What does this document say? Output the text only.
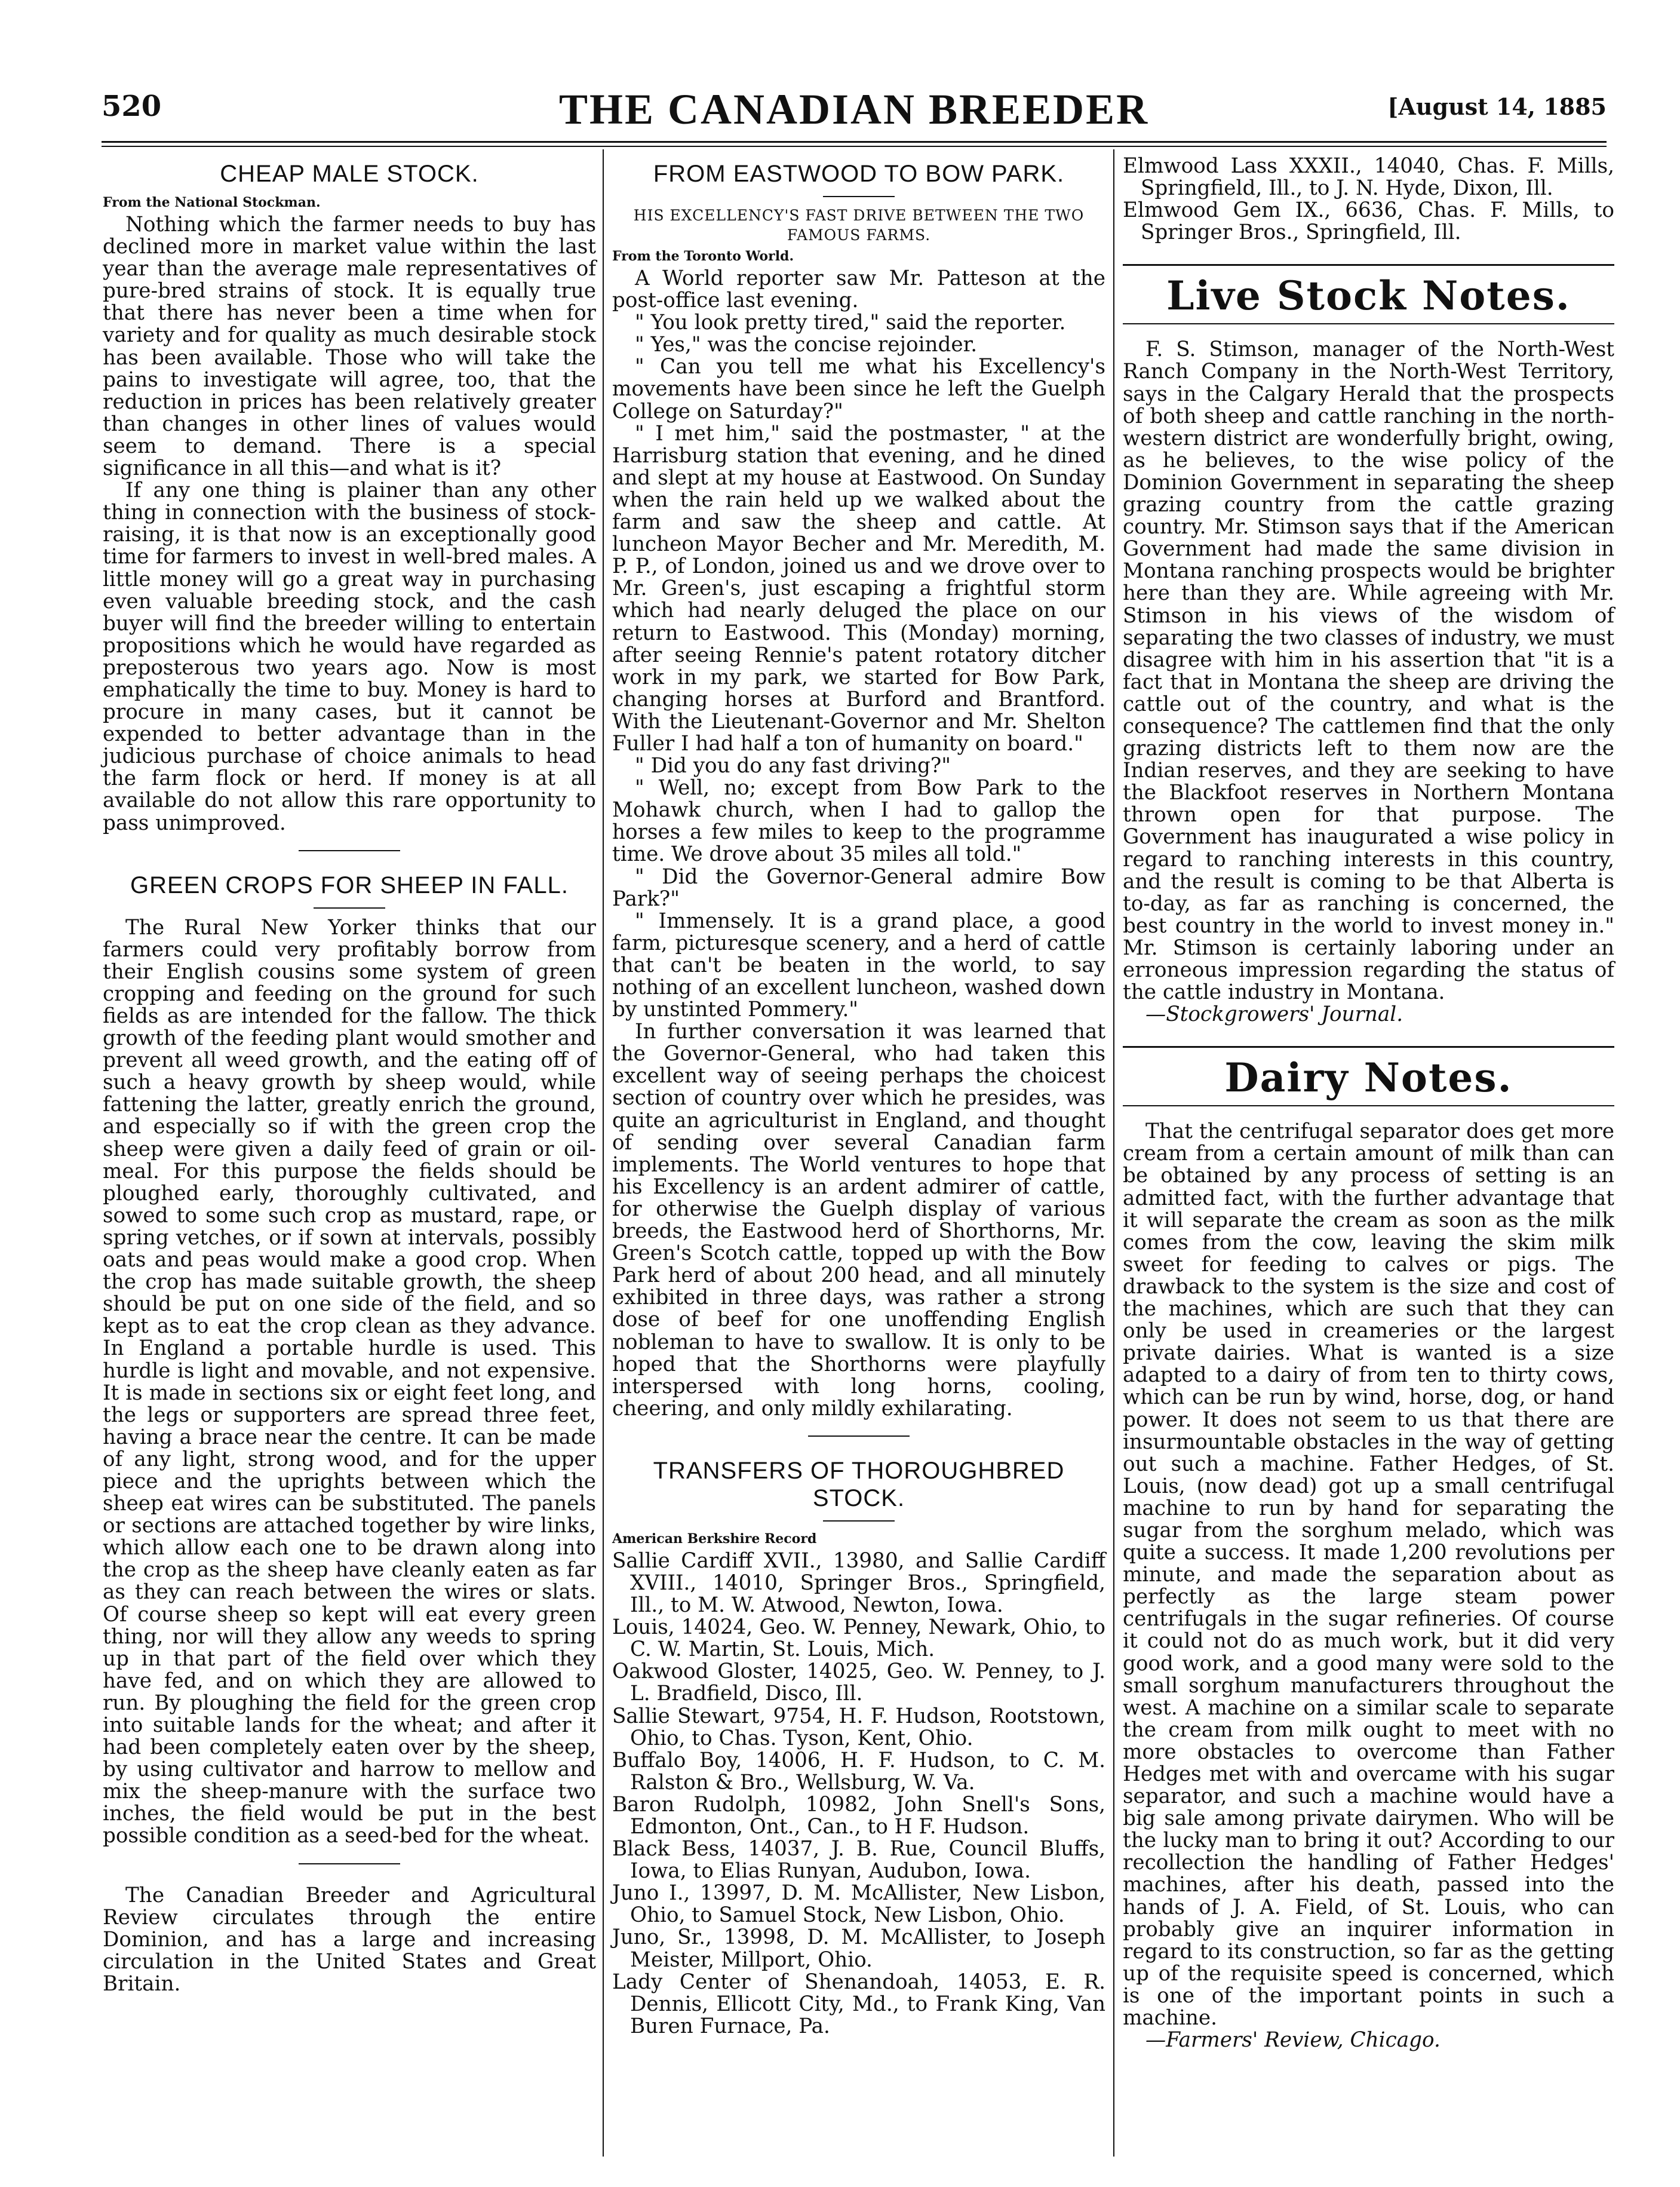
520	THE CANADIAN BREEDER	[August 14, 1885
CHEAP MALE STOCK.
From the National Stockman.

Nothing which the farmer needs to buy has declined more in market value within the last year than the average male representatives of pure-bred strains of stock. It is equally true that there has never been a time when for variety and for quality as much desirable stock has been available. Those who will take the pains to investigate will agree, too, that the reduction in prices has been relatively greater than changes in other lines of values would seem to demand. There is a special significance in all this—and what is it?

If any one thing is plainer than any other thing in connection with the business of stock-raising, it is that now is an exceptionally good time for farmers to invest in well-bred males. A little money will go a great way in purchasing even valuable breeding stock, and the cash buyer will find the breeder willing to entertain propositions which he would have regarded as preposterous two years ago. Now is most emphatically the time to buy. Money is hard to procure in many cases, but it cannot be expended to better advantage than in the judicious purchase of choice animals to head the farm flock or herd. If money is at all available do not allow this rare opportunity to pass unimproved.

GREEN CROPS FOR SHEEP IN FALL.

The Rural New Yorker thinks that our farmers could very profitably borrow from their English cousins some system of green cropping and feeding on the ground for such fields as are intended for the fallow. The thick growth of the feeding plant would smother and prevent all weed growth, and the eating off of such a heavy growth by sheep would, while fattening the latter, greatly enrich the ground, and especially so if with the green crop the sheep were given a daily feed of grain or oil-meal. For this purpose the fields should be ploughed early, thoroughly cultivated, and sowed to some such crop as mustard, rape, or spring vetches, or if sown at intervals, possibly oats and peas would make a good crop. When the crop has made suitable growth, the sheep should be put on one side of the field, and so kept as to eat the crop clean as they advance. In England a portable hurdle is used. This hurdle is light and movable, and not expensive. It is made in sections six or eight feet long, and the legs or supporters are spread three feet, having a brace near the centre. It can be made of any light, strong wood, and for the upper piece and the uprights between which the sheep eat wires can be substituted. The panels or sections are attached together by wire links, which allow each one to be drawn along into the crop as the sheep have cleanly eaten as far as they can reach between the wires or slats. Of course sheep so kept will eat every green thing, nor will they allow any weeds to spring up in that part of the field over which they have fed, and on which they are allowed to run. By ploughing the field for the green crop into suitable lands for the wheat; and after it had been completely eaten over by the sheep, by using cultivator and harrow to mellow and mix the sheep-manure with the surface two inches, the field would be put in the best possible condition as a seed-bed for the wheat.

The Canadian Breeder and Agricultural Review circulates through the entire Dominion, and has a large and increasing circulation in the United States and Great Britain.

FROM EASTWOOD TO BOW PARK.
HIS EXCELLENCY'S FAST DRIVE BETWEEN THE TWO FAMOUS FARMS.
From the Toronto World.

A World reporter saw Mr. Patteson at the post-office last evening.

" You look pretty tired," said the reporter.

" Yes," was the concise rejoinder.

" Can you tell me what his Excellency's movements have been since he left the Guelph College on Saturday?"

" I met him," said the postmaster, " at the Harrisburg station that evening, and he dined and slept at my house at Eastwood. On Sunday when the rain held up we walked about the farm and saw the sheep and cattle. At luncheon Mayor Becher and Mr. Meredith, M. P. P., of London, joined us and we drove over to Mr. Green's, just escaping a frightful storm which had nearly deluged the place on our return to Eastwood. This (Monday) morning, after seeing Rennie's patent rotatory ditcher work in my park, we started for Bow Park, changing horses at Burford and Brantford. With the Lieutenant-Governor and Mr. Shelton Fuller I had half a ton of humanity on board."

" Did you do any fast driving?"

" Well, no; except from Bow Park to the Mohawk church, when I had to gallop the horses a few miles to keep to the programme time. We drove about 35 miles all told."

" Did the Governor-General admire Bow Park?"

" Immensely. It is a grand place, a good farm, picturesque scenery, and a herd of cattle that can't be beaten in the world, to say nothing of an excellent luncheon, washed down by unstinted Pommery."

In further conversation it was learned that the Governor-General, who had taken this excellent way of seeing perhaps the choicest section of country over which he presides, was quite an agriculturist in England, and thought of sending over several Canadian farm implements. The World ventures to hope that his Excellency is an ardent admirer of cattle, for otherwise the Guelph display of various breeds, the Eastwood herd of Shorthorns, Mr. Green's Scotch cattle, topped up with the Bow Park herd of about 200 head, and all minutely exhibited in three days, was rather a strong dose of beef for one unoffending English nobleman to have to swallow. It is only to be hoped that the Shorthorns were playfully interspersed with long horns, cooling, cheering, and only mildly exhilarating.

TRANSFERS OF THOROUGHBRED STOCK.
American Berkshire Record

Sallie Cardiff XVII., 13980, and Sallie Cardiff XVIII., 14010, Springer Bros., Springfield, Ill., to M. W. Atwood, Newton, Iowa.

Louis, 14024, Geo. W. Penney, Newark, Ohio, to C. W. Martin, St. Louis, Mich.

Oakwood Gloster, 14025, Geo. W. Penney, to J. L. Bradfield, Disco, Ill.

Sallie Stewart, 9754, H. F. Hudson, Rootstown, Ohio, to Chas. Tyson, Kent, Ohio.

Buffalo Boy, 14006, H. F. Hudson, to C. M. Ralston & Bro., Wellsburg, W. Va.

Baron Rudolph, 10982, John Snell's Sons, Edmonton, Ont., Can., to H F. Hudson.

Black Bess, 14037, J. B. Rue, Council Bluffs, Iowa, to Elias Runyan, Audubon, Iowa.

Juno I., 13997, D. M. McAllister, New Lisbon, Ohio, to Samuel Stock, New Lisbon, Ohio.

Juno, Sr., 13998, D. M. McAllister, to Joseph Meister, Millport, Ohio.

Lady Center of Shenandoah, 14053, E. R. Dennis, Ellicott City, Md., to Frank King, Van Buren Furnace, Pa.

Elmwood Lass XXXII., 14040, Chas. F. Mills, Springfield, Ill., to J. N. Hyde, Dixon, Ill.

Elmwood Gem IX., 6636, Chas. F. Mills, to Springer Bros., Springfield, Ill.

Live Stock Notes.

F. S. Stimson, manager of the North-West Ranch Company in the North-West Territory, says in the Calgary Herald that the prospects of both sheep and cattle ranching in the north-western district are wonderfully bright, owing, as he believes, to the wise policy of the Dominion Government in separating the sheep grazing country from the cattle grazing country. Mr. Stimson says that if the American Government had made the same division in Montana ranching prospects would be brighter here than they are. While agreeing with Mr. Stimson in his views of the wisdom of separating the two classes of industry, we must disagree with him in his assertion that "it is a fact that in Montana the sheep are driving the cattle out of the country, and what is the consequence? The cattlemen find that the only grazing districts left to them now are the Indian reserves, and they are seeking to have the Blackfoot reserves in Northern Montana thrown open for that purpose. The Government has inaugurated a wise policy in regard to ranching interests in this country, and the result is coming to be that Alberta is to-day, as far as ranching is concerned, the best country in the world to invest money in." Mr. Stimson is certainly laboring under an erroneous impression regarding the status of the cattle industry in Montana.

—Stockgrowers' Journal.

Dairy Notes.

That the centrifugal separator does get more cream from a certain amount of milk than can be obtained by any process of setting is an admitted fact, with the further advantage that it will separate the cream as soon as the milk comes from the cow, leaving the skim milk sweet for feeding to calves or pigs. The drawback to the system is the size and cost of the machines, which are such that they can only be used in creameries or the largest private dairies. What is wanted is a size adapted to a dairy of from ten to thirty cows, which can be run by wind, horse, dog, or hand power. It does not seem to us that there are insurmountable obstacles in the way of getting out such a machine. Father Hedges, of St. Louis, (now dead) got up a small centrifugal machine to run by hand for separating the sugar from the sorghum melado, which was quite a success. It made 1,200 revolutions per minute, and made the separation about as perfectly as the large steam power centrifugals in the sugar refineries. Of course it could not do as much work, but it did very good work, and a good many were sold to the small sorghum manufacturers throughout the west. A machine on a similar scale to separate the cream from milk ought to meet with no more obstacles to overcome than Father Hedges met with and overcame with his sugar separator, and such a machine would have a big sale among private dairymen. Who will be the lucky man to bring it out? According to our recollection the handling of Father Hedges' machines, after his death, passed into the hands of J. A. Field, of St. Louis, who can probably give an inquirer information in regard to its construction, so far as the getting up of the requisite speed is concerned, which is one of the important points in such a machine.

—Farmers' Review, Chicago.
